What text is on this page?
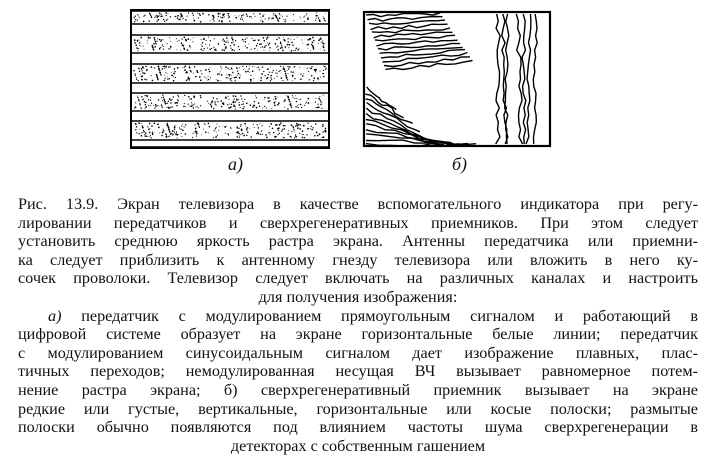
а)	б)
Рис. 13.9. Экран телевизора в качестве вспомогательного индикатора при регу-
лировании передатчиков и сверхрегенеративных приемников. При этом следует
установить среднюю яркость растра экрана. Антенны передатчика или приемни-
ка следует приблизить к антенному гнезду телевизора или вложить в него ку-
сочек проволоки. Телевизор следует включать на различных каналах и настроить
для получения изображения:
а) передатчик с модулированием прямоугольным сигналом и работающий в
цифровой системе образует на экране горизонтальные белые линии; передатчик
с модулированием синусоидальным сигналом дает изображение плавных, плас-
тичных переходов; немодулированная несущая ВЧ вызывает равномерное потем-
нение растра экрана; б) сверхрегенеративный приемник вызывает на экране
редкие или густые, вертикальные, горизонтальные или косые полоски; размытые
полоски обычно появляются под влиянием частоты шума сверхрегенерации в
детекторах с собственным гашением
